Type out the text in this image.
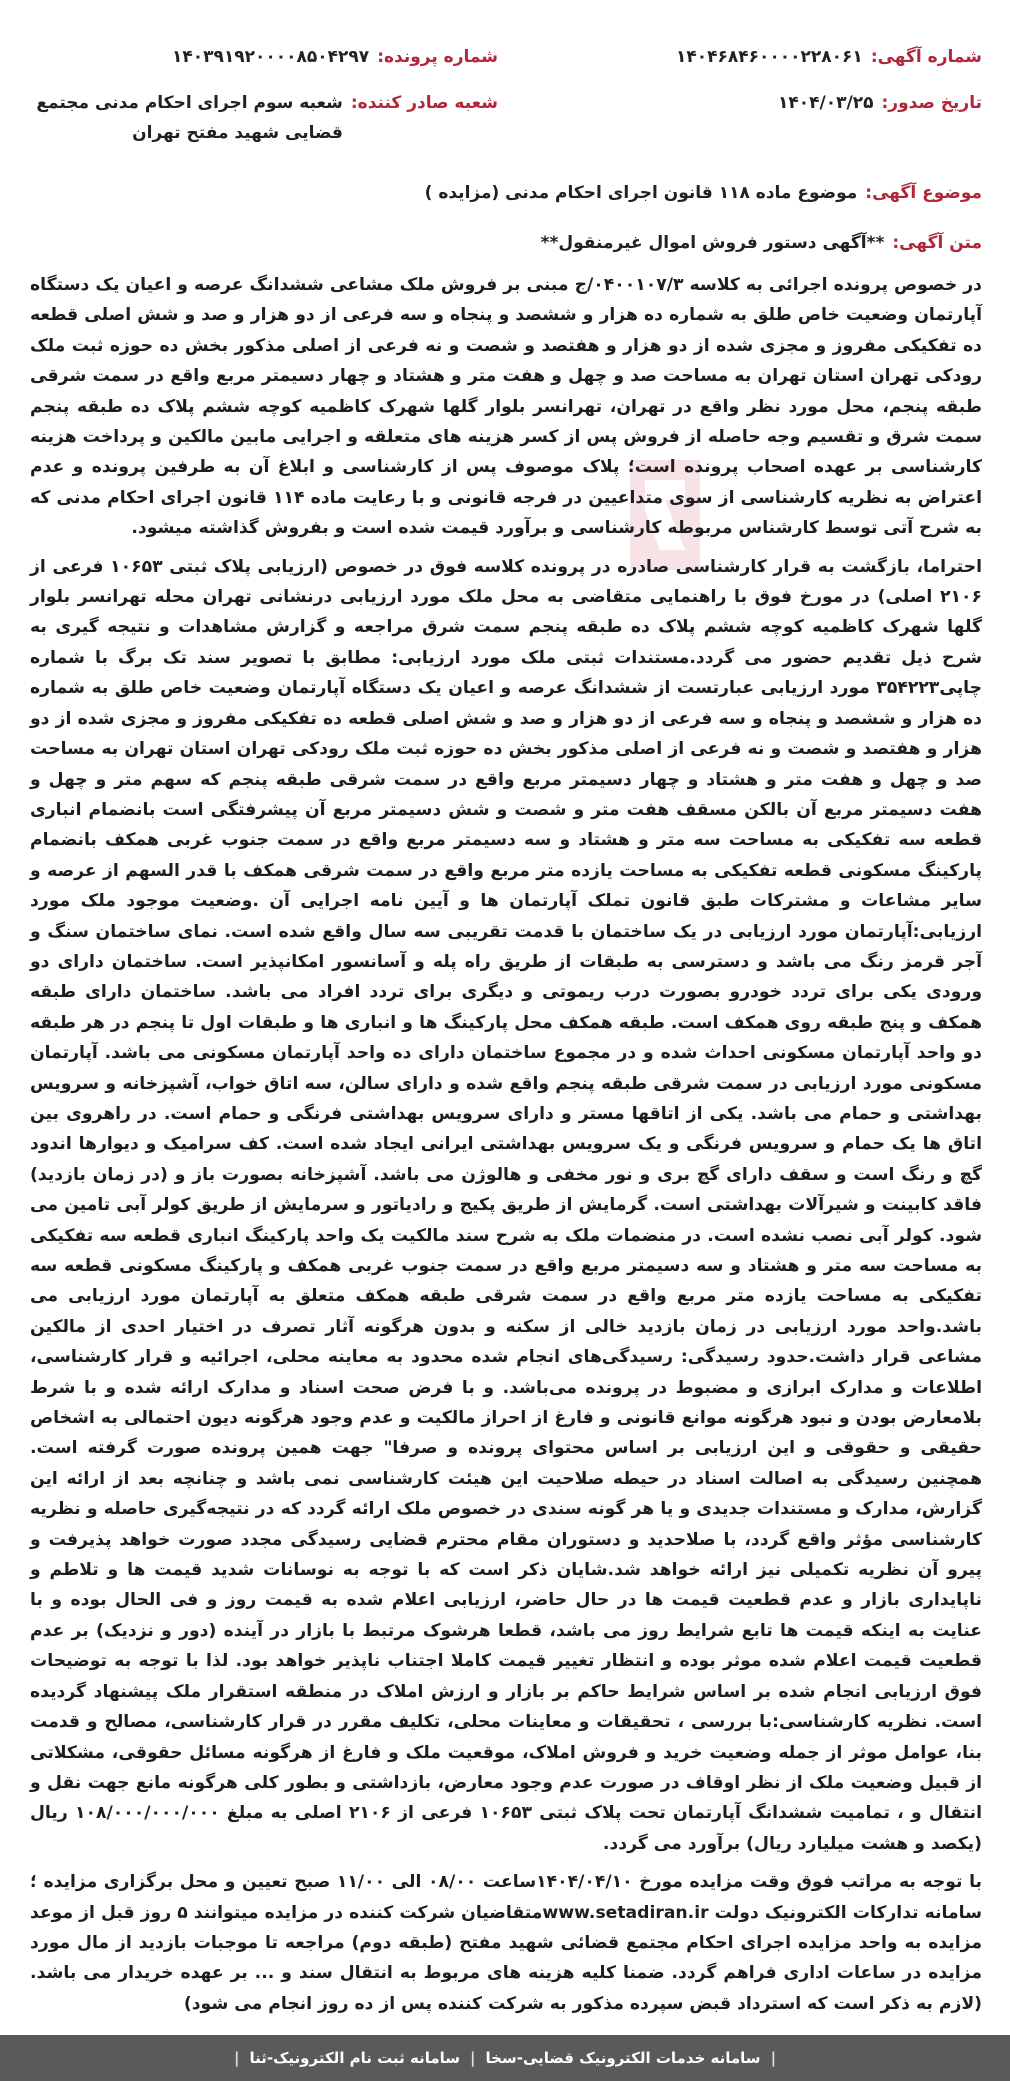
شماره آگهی:
۱۴۰۴۶۸۴۶۰۰۰۰۲۲۸۰۶۱
شماره پرونده:
۱۴۰۳۹۱۹۲۰۰۰۰۸۵۰۴۲۹۷
تاریخ صدور:
۱۴۰۴/۰۳/۲۵
شعبه صادر کننده:
شعبه سوم اجرای احکام مدنی مجتمع قضایی شهید مفتح تهران
موضوع آگهی:
موضوع ماده ۱۱۸ قانون اجرای احکام مدنی (مزایده )
متن آگهی:
**آگهی دستور فروش اموال غیرمنقول**

در خصوص پرونده اجرائی به کلاسه ۰۴۰۰۱۰۷/۳/ج مبنی بر فروش ملک مشاعی ششدانگ عرصه و اعیان یک دستگاه آپارتمان وضعیت خاص طلق به شماره ده هزار و ششصد و پنجاه و سه فرعی از دو هزار و صد و شش اصلی قطعه ده تفکیکی مفروز و مجزی شده از دو هزار و هفتصد و شصت و نه فرعی از اصلی مذکور بخش ده حوزه ثبت ملک رودکی تهران استان تهران به مساحت صد و چهل و هفت متر و هشتاد و چهار دسیمتر مربع واقع در سمت شرقی طبقه پنجم، محل مورد نظر واقع در تهران، تهرانسر بلوار گلها شهرک کاظمیه کوچه ششم پلاک ده طبقه پنجم سمت شرق و تقسیم وجه حاصله از فروش پس از کسر هزینه های متعلقه و اجرایی مابین مالکین و پرداخت هزینه کارشناسی بر عهده اصحاب پرونده است؛ پلاک موصوف پس از کارشناسی و ابلاغ آن به طرفین پرونده و عدم اعتراض به نظریه کارشناسی از سوی متداعیین در فرجه قانونی و با رعایت ماده ۱۱۴ قانون اجرای احکام مدنی که به شرح آتی توسط کارشناس مربوطه کارشناسی و برآورد قیمت شده است و بفروش گذاشته میشود.

احتراما، بازگشت به قرار کارشناسی صادره در پرونده کلاسه فوق در خصوص (ارزیابی پلاک ثبتی ۱۰۶۵۳ فرعی از ۲۱۰۶ اصلی) در مورخ فوق با راهنمایی متقاضی به محل ملک مورد ارزیابی درنشانی تهران محله تهرانسر بلوار گلها شهرک کاظمیه کوچه ششم پلاک ده طبقه پنجم سمت شرق مراجعه و گزارش مشاهدات و نتیجه گیری به شرح ذیل تقدیم حضور می گردد.مستندات ثبتی ملک مورد ارزیابی: مطابق با تصویر سند تک برگ با شماره چاپی۳۵۴۲۲۳ مورد ارزیابی عبارتست از ششدانگ عرصه و اعیان یک دستگاه آپارتمان وضعیت خاص طلق به شماره ده هزار و ششصد و پنجاه و سه فرعی از دو هزار و صد و شش اصلی قطعه ده تفکیکی مفروز و مجزی شده از دو هزار و هفتصد و شصت و نه فرعی از اصلی مذکور بخش ده حوزه ثبت ملک رودکی تهران استان تهران به مساحت صد و چهل و هفت متر و هشتاد و چهار دسیمتر مربع واقع در سمت شرقی طبقه پنجم که سهم متر و چهل و هفت دسیمتر مربع آن بالکن مسقف هفت متر و شصت و شش دسیمتر مربع آن پیشرفتگی است بانضمام انباری قطعه سه تفکیکی به مساحت سه متر و هشتاد و سه دسیمتر مربع واقع در سمت جنوب غربی همکف بانضمام پارکینگ مسکونی قطعه تفکیکی به مساحت یازده متر مربع واقع در سمت شرقی همکف با قدر السهم از عرصه و سایر مشاعات و مشترکات طبق قانون تملک آپارتمان ها و آیین نامه اجرایی آن .وضعیت موجود ملک مورد ارزیابی:آپارتمان مورد ارزیابی در یک ساختمان با قدمت تقریبی سه سال واقع شده است. نمای ساختمان سنگ و آجر قرمز رنگ می باشد و دسترسی به طبقات از طریق راه پله و آسانسور امکانپذیر است. ساختمان دارای دو ورودی یکی برای تردد خودرو بصورت درب ریموتی و دیگری برای تردد افراد می باشد. ساختمان دارای طبقه همکف و پنج طبقه روی همکف است. طبقه همکف محل پارکینگ ها و انباری ها و طبقات اول تا پنجم در هر طبقه دو واحد آپارتمان مسکونی احداث شده و در مجموع ساختمان دارای ده واحد آپارتمان مسکونی می باشد. آپارتمان مسکونی مورد ارزیابی در سمت شرقی طبقه پنجم واقع شده و دارای سالن، سه اتاق خواب، آشپزخانه و سرویس بهداشتی و حمام می باشد. یکی از اتاقها مستر و دارای سرویس بهداشتی فرنگی و حمام است. در راهروی بین اتاق ها یک حمام و سرویس فرنگی و یک سرویس بهداشتی ایرانی ایجاد شده است. کف سرامیک و دیوارها اندود گچ و رنگ است و سقف دارای گچ بری و نور مخفی و هالوژن می باشد. آشپزخانه بصورت باز و (در زمان بازدید) فاقد کابینت و شیرآلات بهداشتی است. گرمایش از طریق پکیج و رادیاتور و سرمایش از طریق کولر آبی تامین می شود. کولر آبی نصب نشده است. در منضمات ملک به شرح سند مالکیت یک واحد پارکینگ انباری قطعه سه تفکیکی به مساحت سه متر و هشتاد و سه دسیمتر مربع واقع در سمت جنوب غربی همکف و پارکینگ مسکونی قطعه سه تفکیکی به مساحت یازده متر مربع واقع در سمت شرقی طبقه همکف متعلق به آپارتمان مورد ارزیابی می باشد.واحد مورد ارزیابی در زمان بازدید خالی از سکنه و بدون هرگونه آثار تصرف در اختیار احدی از مالکین مشاعی قرار داشت.حدود رسیدگی: رسیدگی‌های انجام شده محدود به معاینه محلی، اجرائیه و قرار کارشناسی، اطلاعات و مدارک ابرازی و مضبوط در پرونده می‌باشد. و با فرض صحت اسناد و مدارک ارائه شده و با شرط بلامعارض بودن و نبود هرگونه موانع قانونی و فارغ از احراز مالکیت و عدم وجود هرگونه دیون احتمالی به اشخاص حقیقی و حقوقی و این ارزیابی بر اساس محتوای پرونده و صرفا" جهت همین پرونده صورت گرفته است. همچنین رسیدگی به اصالت اسناد در حیطه صلاحیت این هیئت کارشناسی نمی باشد و چنانچه بعد از ارائه این گزارش، مدارک و مستندات جدیدی و یا هر گونه سندی در خصوص ملک ارائه گردد که در نتیجه‌گیری حاصله و نظریه کارشناسی مؤثر واقع گردد، با صلاحدید و دستوران مقام محترم قضایی رسیدگی مجدد صورت خواهد پذیرفت و پیرو آن نظریه تکمیلی نیز ارائه خواهد شد.شایان ذکر است که با توجه به نوسانات شدید قیمت ها و تلاطم و ناپایداری بازار و عدم قطعیت قیمت ها در حال حاضر، ارزیابی اعلام شده به قیمت روز و فی الحال بوده و با عنایت به اینکه قیمت ها تابع شرایط روز می باشد، قطعا هرشوک مرتبط با بازار در آینده (دور و نزدیک) بر عدم قطعیت قیمت اعلام شده موثر بوده و انتظار تغییر قیمت کاملا اجتناب ناپذیر خواهد بود. لذا با توجه به توضیحات فوق ارزیابی انجام شده بر اساس شرایط حاکم بر بازار و ارزش املاک در منطقه استقرار ملک پیشنهاد گردیده است. نظریه کارشناسی:با بررسی ، تحقیقات و معاینات محلی، تکلیف مقرر در قرار کارشناسی، مصالح و قدمت بنا، عوامل موثر از جمله وضعیت خرید و فروش املاک، موقعیت ملک و فارغ از هرگونه مسائل حقوقی، مشکلاتی از قبیل وضعیت ملک از نظر اوقاف در صورت عدم وجود معارض، بازداشتی و بطور کلی هرگونه مانع جهت نقل و انتقال و ، تمامیت ششدانگ آپارتمان تحت پلاک ثبتی ۱۰۶۵۳ فرعی از ۲۱۰۶ اصلی به مبلغ ۱۰۸/۰۰۰/۰۰۰/۰۰۰ ریال (یکصد و هشت میلیارد ریال) برآورد می گردد.

با توجه به مراتب فوق وقت مزایده مورخ ۱۴۰۴/۰۴/۱۰ساعت ۰۸/۰۰ الی ۱۱/۰۰ صبح تعیین و محل برگزاری مزایده ؛سامانه تدارکات الکترونیک دولت www.setadiran.irمتقاضیان شرکت کننده در مزایده میتوانند ۵ روز قبل از موعد مزایده به واحد مزایده اجرای احکام مجتمع قضائی شهید مفتح (طبقه دوم) مراجعه تا موجبات بازدید از مال مورد مزایده در ساعات اداری فراهم گردد. ضمنا کلیه هزینه های مربوط به انتقال سند و ... بر عهده خریدار می باشد.(لازم به ذکر است که استرداد قبض سپرده مذکور به شرکت کننده پس از ده روز انجام می شود)

|
سامانه خدمات الکترونیک قضایی-سخا
|
سامانه ثبت نام الکترونیک-ثنا
|
